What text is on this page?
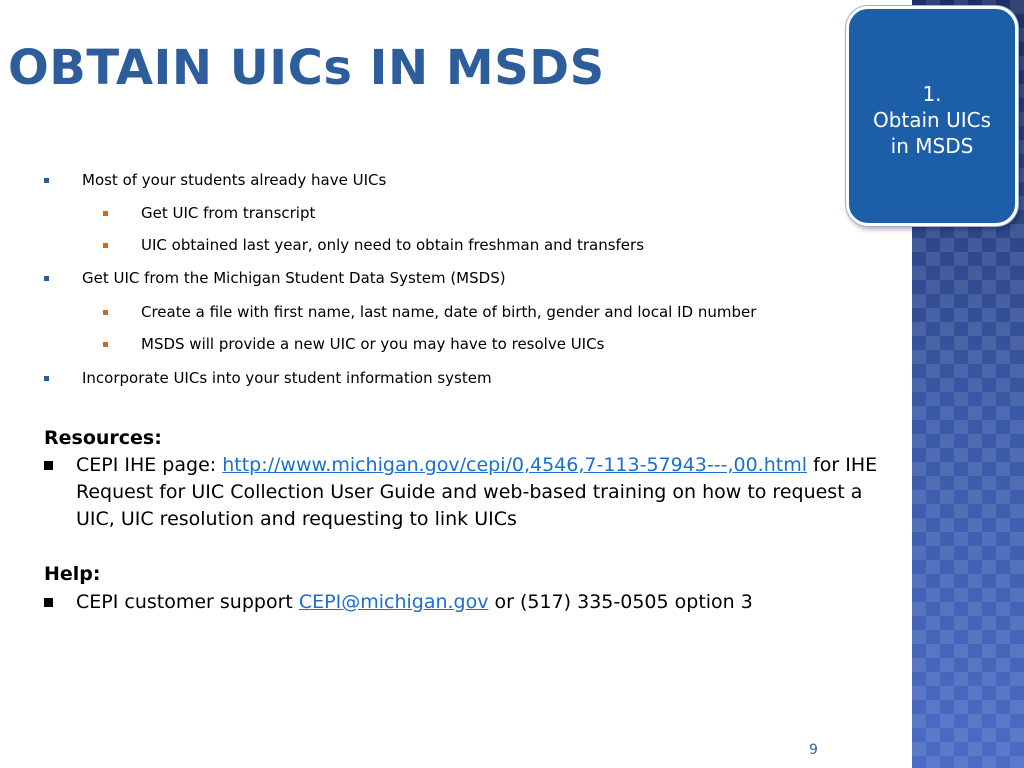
1.
Obtain UICs
in MSDS
OBTAIN UICs IN MSDS
Most of your students already have UICs
Get UIC from transcript
UIC obtained last year, only need to obtain freshman and transfers
Get UIC from the Michigan Student Data System (MSDS)
Create a file with first name, last name, date of birth, gender and local ID number
MSDS will provide a new UIC or you may have to resolve UICs
Incorporate UICs into your student information system
Resources:
CEPI IHE page: http://www.michigan.gov/cepi/0,4546,7-113-57943---,00.html for IHE Request for UIC Collection User Guide and web-based training on how to request a UIC, UIC resolution and requesting to link UICs
Help:
CEPI customer support CEPI@michigan.gov or (517) 335-0505 option 3
9
